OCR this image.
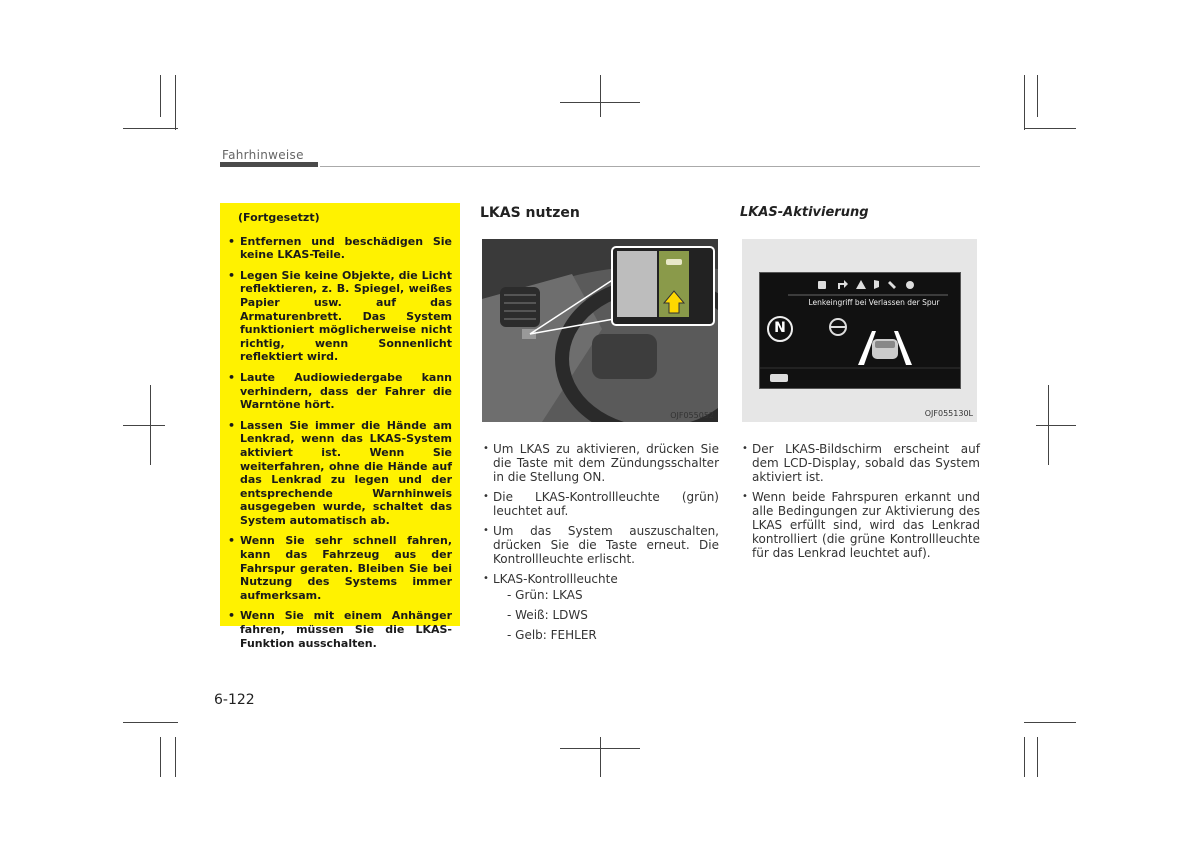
Fahrhinweise
(Fortgesetzt)
• Entfernen und beschädigen Sie keine LKAS-Teile.
• Legen Sie keine Objekte, die Licht reflektieren, z. B. Spiegel, weißes Papier usw. auf das Armaturenbrett. Das System funktioniert möglicherweise nicht richtig, wenn Sonnenlicht reflektiert wird.
• Laute Audiowiedergabe kann verhindern, dass der Fahrer die Warntöne hört.
• Lassen Sie immer die Hände am Lenkrad, wenn das LKAS-System aktiviert ist. Wenn Sie weiterfahren, ohne die Hände auf das Lenkrad zu legen und der entsprechende Warnhinweis ausgegeben wurde, schaltet das System automatisch ab.
• Wenn Sie sehr schnell fahren, kann das Fahrzeug aus der Fahrspur geraten. Bleiben Sie bei Nutzung des Systems immer aufmerksam.
• Wenn Sie mit einem Anhänger fahren, müssen Sie die LKAS-Funktion ausschalten.
LKAS nutzen
OJF055052
• Um LKAS zu aktivieren, drücken Sie die Taste mit dem Zündungsschalter in die Stellung ON.
• Die LKAS-Kontrollleuchte (grün) leuchtet auf.
• Um das System auszuschalten, drücken Sie die Taste erneut. Die Kontrollleuchte erlischt.
• LKAS-Kontrollleuchte
- Grün: LKAS
- Weiß: LDWS
- Gelb: FEHLER
LKAS-Aktivierung
Lenkeingriff bei Verlassen der Spur
N
OJF055130L
• Der LKAS-Bildschirm erscheint auf dem LCD-Display, sobald das System aktiviert ist.
• Wenn beide Fahrspuren erkannt und alle Bedingungen zur Aktivierung des LKAS erfüllt sind, wird das Lenkrad kontrolliert (die grüne Kontrollleuchte für das Lenkrad leuchtet auf).
6-122
